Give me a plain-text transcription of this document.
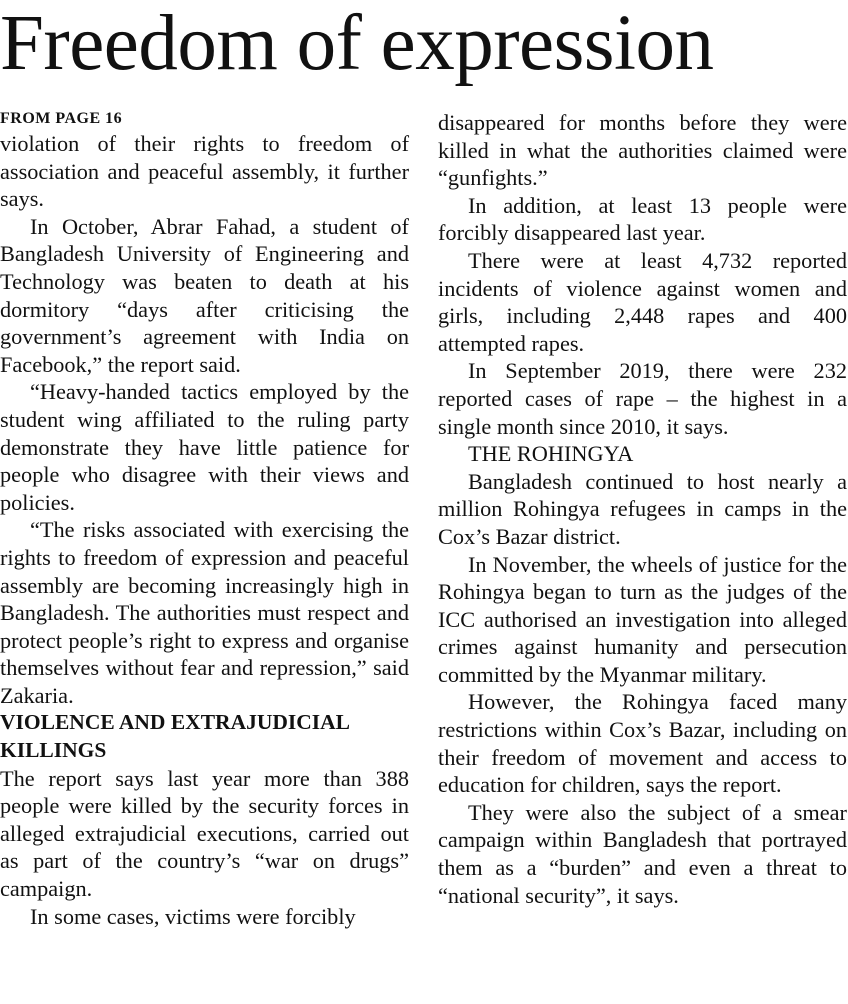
Freedom of expression
FROM PAGE 16

violation of their rights to freedom of association and peaceful assembly, it further says.

In October, Abrar Fahad, a student of Bangladesh University of Engineering and Technology was beaten to death at his dormitory “days after criticising the government’s agreement with India on Facebook,” the report said.

“Heavy-handed tactics employed by the student wing affiliated to the ruling party demonstrate they have little patience for people who disagree with their views and policies.

“The risks associated with exercising the rights to freedom of expression and peaceful assembly are becoming increasingly high in Bangladesh. The authorities must respect and protect people’s right to express and organise themselves without fear and repression,” said Zakaria.

VIOLENCE AND EXTRAJUDICIAL KILLINGS

The report says last year more than 388 people were killed by the security forces in alleged extrajudicial executions, carried out as part of the country’s “war on drugs” campaign.

In some cases, victims were forcibly

disappeared for months before they were killed in what the authorities claimed were “gunfights.”

In addition, at least 13 people were forcibly disappeared last year.

There were at least 4,732 reported incidents of violence against women and girls, including 2,448 rapes and 400 attempted rapes.

In September 2019, there were 232 reported cases of rape – the highest in a single month since 2010, it says.

THE ROHINGYA

Bangladesh continued to host nearly a million Rohingya refugees in camps in the Cox’s Bazar district.

In November, the wheels of justice for the Rohingya began to turn as the judges of the ICC authorised an investigation into alleged crimes against humanity and persecution committed by the Myanmar military.

However, the Rohingya faced many restrictions within Cox’s Bazar, including on their freedom of movement and access to education for children, says the report.

They were also the subject of a smear campaign within Bangladesh that portrayed them as a “burden” and even a threat to “national security”, it says.
